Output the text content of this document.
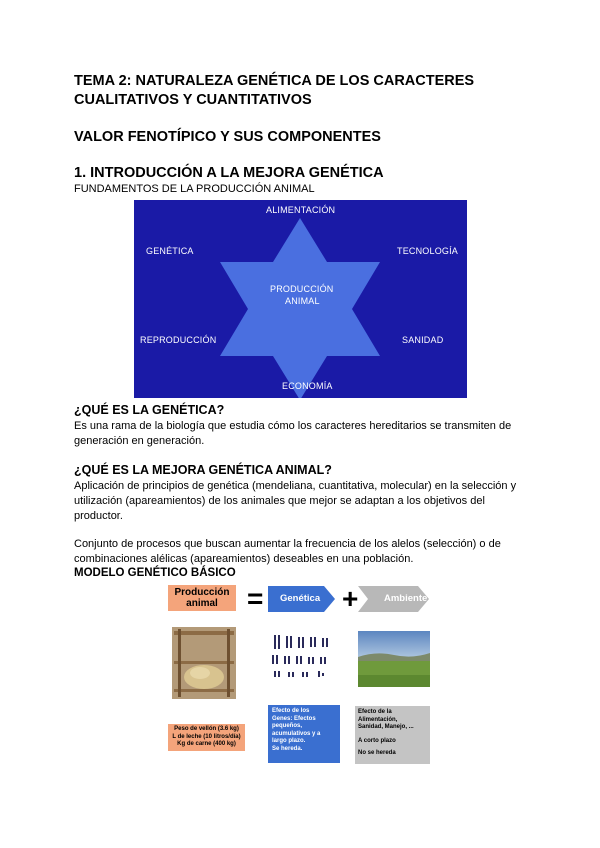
TEMA 2: NATURALEZA GENÉTICA DE LOS CARACTERES
CUALITATIVOS Y CUANTITATIVOS
VALOR FENOTÍPICO Y SUS COMPONENTES
1. INTRODUCCIÓN A LA MEJORA GENÉTICA
FUNDAMENTOS DE LA PRODUCCIÓN ANIMAL
ALIMENTACIÓN
GENÉTICA	TECNOLOGÍA
PRODUCCIÓN
ANIMAL
REPRODUCCIÓN	SANIDAD
ECONOMÍA
¿QUÉ ES LA GENÉTICA?
Es una rama de la biología que estudia cómo los caracteres hereditarios se transmiten de
generación en generación.
¿QUÉ ES LA MEJORA GENÉTICA ANIMAL?
Aplicación de principios de genética (mendeliana, cuantitativa, molecular) en la selección y
utilización (apareamientos) de los animales que mejor se adaptan a los objetivos del
productor.
Conjunto de procesos que buscan aumentar la frecuencia de los alelos (selección) o de
combinaciones alélicas (apareamientos) deseables en una población.
MODELO GENÉTICO BÁSICO
Producción
animal	= Genética +	Ambiente
Peso de vellón (3.6 kg)
L de leche (10 litros/día)
Kg de carne (400 kg)
Efecto de los
Genes: Efectos
pequeños,
acumulativos y a
largo plazo.
Se hereda.
Efecto de la
Alimentación,
Sanidad, Manejo, ...
A corto plazo
No se hereda
